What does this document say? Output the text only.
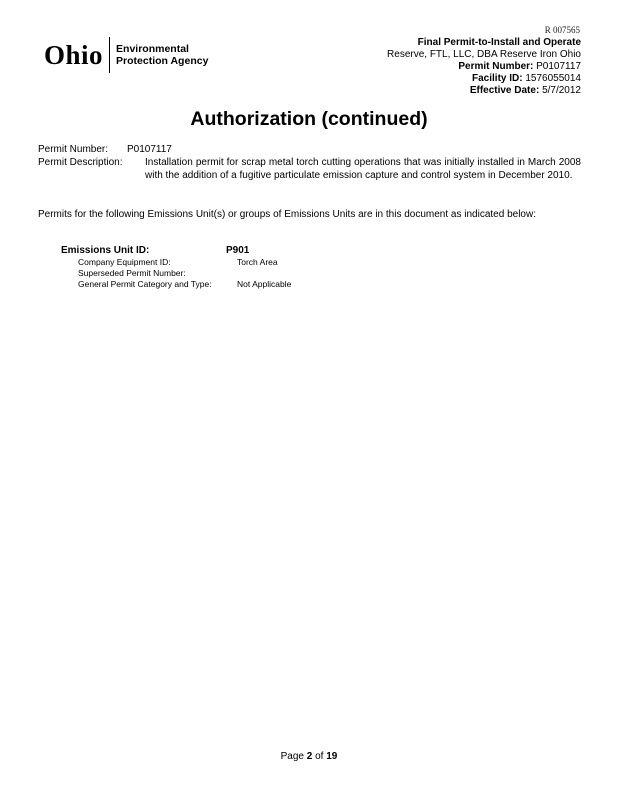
R 007565
Final Permit-to-Install and Operate
Reserve, FTL, LLC, DBA Reserve Iron Ohio
Permit Number: P0107117
Facility ID: 1576055014
Effective Date: 5/7/2012
Ohio Environmental
Protection Agency
Authorization (continued)
Permit Number: P0107117
Permit Description: Installation permit for scrap metal torch cutting operations that was initially installed in March 2008 with the addition of a fugitive particulate emission capture and control system in December 2010.
Permits for the following Emissions Unit(s) or groups of Emissions Units are in this document as indicated below:
Emissions Unit ID:	P901
Company Equipment ID:	Torch Area
Superseded Permit Number:
General Permit Category and Type:	Not Applicable
Page 2 of 19
